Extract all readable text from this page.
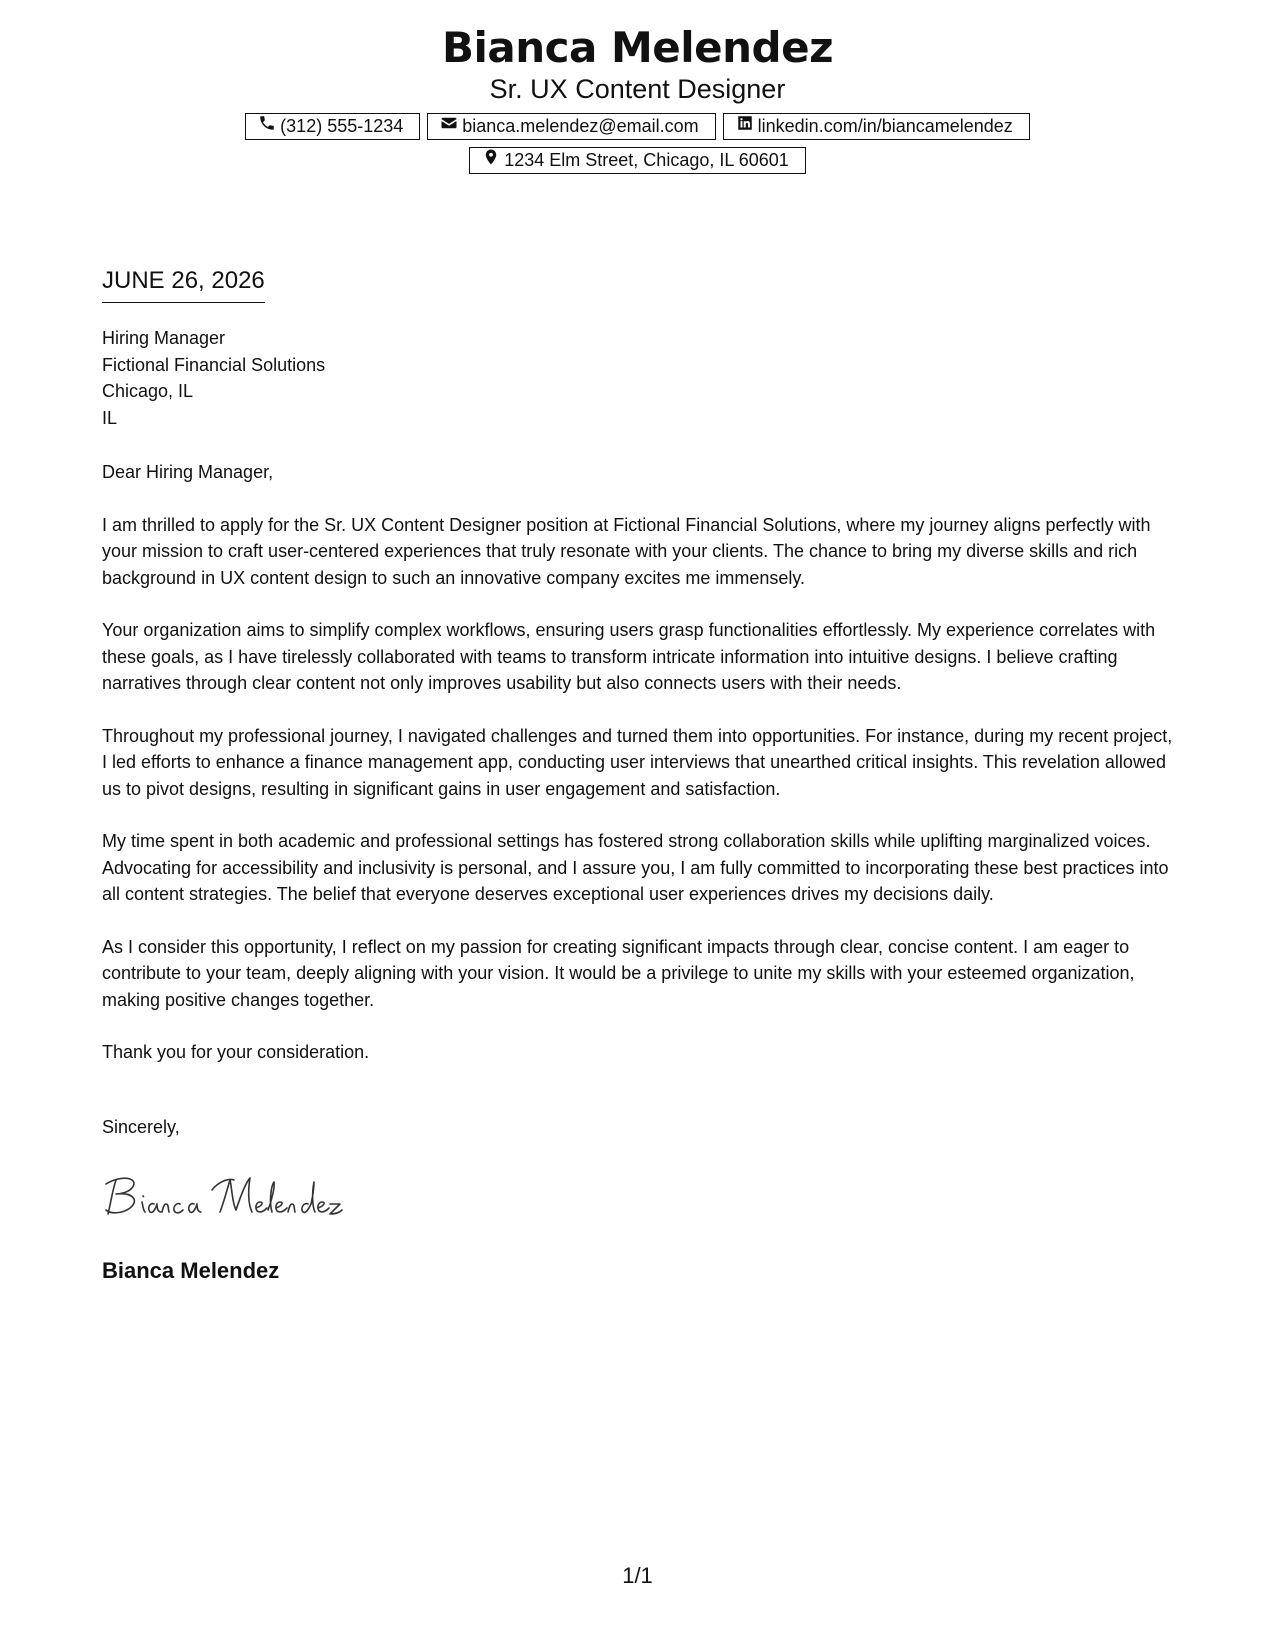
Bianca Melendez
Sr. UX Content Designer
(312) 555-1234	bianca.melendez@email.com	linkedin.com/in/biancamelendez
1234 Elm Street, Chicago, IL 60601
JUNE 26, 2026
Hiring Manager
Fictional Financial Solutions
Chicago, IL
IL

Dear Hiring Manager,

I am thrilled to apply for the Sr. UX Content Designer position at Fictional Financial Solutions, where my journey aligns perfectly with your mission to craft user-centered experiences that truly resonate with your clients. The chance to bring my diverse skills and rich background in UX content design to such an innovative company excites me immensely.

Your organization aims to simplify complex workflows, ensuring users grasp functionalities effortlessly. My experience correlates with these goals, as I have tirelessly collaborated with teams to transform intricate information into intuitive designs. I believe crafting narratives through clear content not only improves usability but also connects users with their needs.

Throughout my professional journey, I navigated challenges and turned them into opportunities. For instance, during my recent project, I led efforts to enhance a finance management app, conducting user interviews that unearthed critical insights. This revelation allowed us to pivot designs, resulting in significant gains in user engagement and satisfaction.

My time spent in both academic and professional settings has fostered strong collaboration skills while uplifting marginalized voices. Advocating for accessibility and inclusivity is personal, and I assure you, I am fully committed to incorporating these best practices into all content strategies. The belief that everyone deserves exceptional user experiences drives my decisions daily.

As I consider this opportunity, I reflect on my passion for creating significant impacts through clear, concise content. I am eager to contribute to your team, deeply aligning with your vision. It would be a privilege to unite my skills with your esteemed organization, making positive changes together.

Thank you for your consideration.

Sincerely,
Bianca Melendez
1/1
